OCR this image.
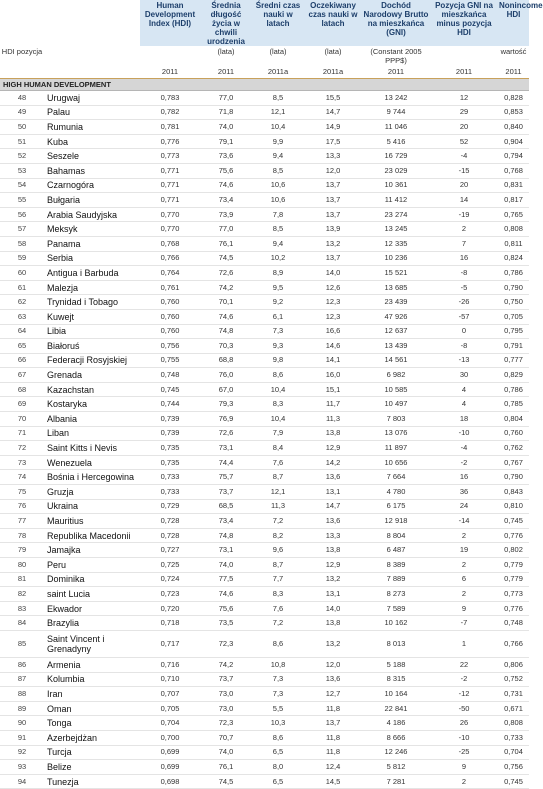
		Human Development Index (HDI)	Średnia długość życia w chwili urodzenia	Średni czas nauki w latach	Oczekiwany czas nauki w latach	Dochód Narodowy Brutto na mieszkańca (GNI)	Pozycja GNI na mieszkańca minus pozycja HDI	Nonincome HDI
HDI pozycja			(lata)	(lata)	(lata)	(Constant 2005 PPP$)		wartość
		2011	2011	2011a	2011a	2011	2011	2011
HIGH HUMAN DEVELOPMENT								
48	Urugwaj	0,783	77,0	8,5	15,5	13 242	12	0,828
49	Palau	0,782	71,8	12,1	14,7	9 744	29	0,853
50	Rumunia	0,781	74,0	10,4	14,9	11 046	20	0,840
51	Kuba	0,776	79,1	9,9	17,5	5 416	52	0,904
52	Seszele	0,773	73,6	9,4	13,3	16 729	-4	0,794
53	Bahamas	0,771	75,6	8,5	12,0	23 029	-15	0,768
54	Czarnogóra	0,771	74,6	10,6	13,7	10 361	20	0,831
55	Bułgaria	0,771	73,4	10,6	13,7	11 412	14	0,817
56	Arabia Saudyjska	0,770	73,9	7,8	13,7	23 274	-19	0,765
57	Meksyk	0,770	77,0	8,5	13,9	13 245	2	0,808
58	Panama	0,768	76,1	9,4	13,2	12 335	7	0,811
59	Serbia	0,766	74,5	10,2	13,7	10 236	16	0,824
60	Antigua i Barbuda	0,764	72,6	8,9	14,0	15 521	-8	0,786
61	Malezja	0,761	74,2	9,5	12,6	13 685	-5	0,790
62	Trynidad i Tobago	0,760	70,1	9,2	12,3	23 439	-26	0,750
63	Kuwejt	0,760	74,6	6,1	12,3	47 926	-57	0,705
64	Libia	0,760	74,8	7,3	16,6	12 637	0	0,795
65	Białoruś	0,756	70,3	9,3	14,6	13 439	-8	0,791
66	Federacji Rosyjskiej	0,755	68,8	9,8	14,1	14 561	-13	0,777
67	Grenada	0,748	76,0	8,6	16,0	6 982	30	0,829
68	Kazachstan	0,745	67,0	10,4	15,1	10 585	4	0,786
69	Kostaryka	0,744	79,3	8,3	11,7	10 497	4	0,785
70	Albania	0,739	76,9	10,4	11,3	7 803	18	0,804
71	Liban	0,739	72,6	7,9	13,8	13 076	-10	0,760
72	Saint Kitts i Nevis	0,735	73,1	8,4	12,9	11 897	-4	0,762
73	Wenezuela	0,735	74,4	7,6	14,2	10 656	-2	0,767
74	Bośnia i Hercegowina	0,733	75,7	8,7	13,6	7 664	16	0,790
75	Gruzja	0,733	73,7	12,1	13,1	4 780	36	0,843
76	Ukraina	0,729	68,5	11,3	14,7	6 175	24	0,810
77	Mauritius	0,728	73,4	7,2	13,6	12 918	-14	0,745
78	Republika Macedonii	0,728	74,8	8,2	13,3	8 804	2	0,776
79	Jamajka	0,727	73,1	9,6	13,8	6 487	19	0,802
80	Peru	0,725	74,0	8,7	12,9	8 389	2	0,779
81	Dominika	0,724	77,5	7,7	13,2	7 889	6	0,779
82	saint Lucia	0,723	74,6	8,3	13,1	8 273	2	0,773
83	Ekwador	0,720	75,6	7,6	14,0	7 589	9	0,776
84	Brazylia	0,718	73,5	7,2	13,8	10 162	-7	0,748
85	Saint Vincent i Grenadyny	0,717	72,3	8,6	13,2	8 013	1	0,766
86	Armenia	0,716	74,2	10,8	12,0	5 188	22	0,806
87	Kolumbia	0,710	73,7	7,3	13,6	8 315	-2	0,752
88	Iran	0,707	73,0	7,3	12,7	10 164	-12	0,731
89	Oman	0,705	73,0	5,5	11,8	22 841	-50	0,671
90	Tonga	0,704	72,3	10,3	13,7	4 186	26	0,808
91	Azerbejdżan	0,700	70,7	8,6	11,8	8 666	-10	0,733
92	Turcja	0,699	74,0	6,5	11,8	12 246	-25	0,704
93	Belize	0,699	76,1	8,0	12,4	5 812	9	0,756
94	Tunezja	0,698	74,5	6,5	14,5	7 281	2	0,745
